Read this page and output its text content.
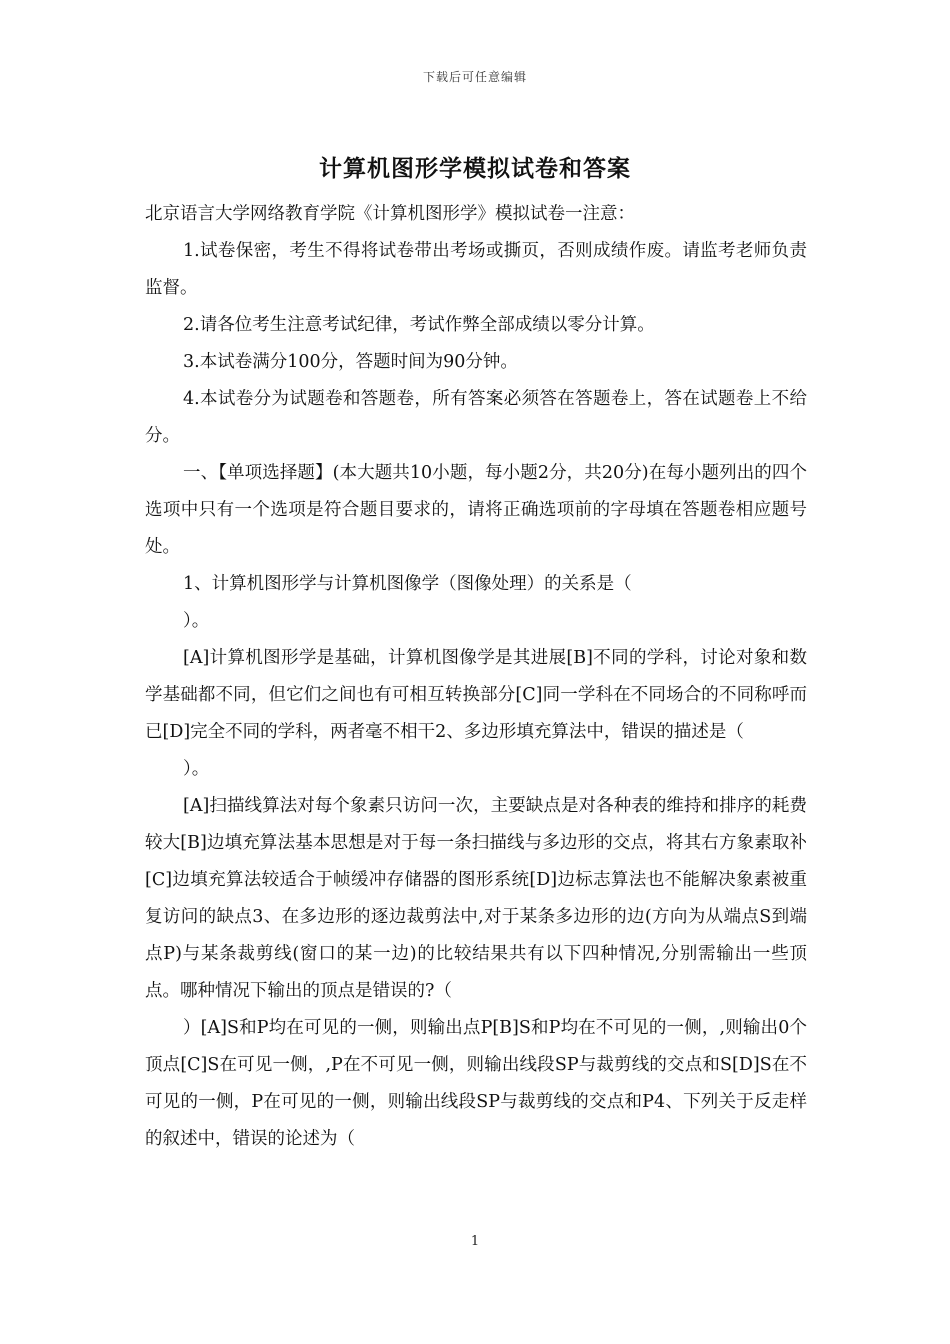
下载后可任意编辑
计算机图形学模拟试卷和答案

北京语言大学网络教育学院《计算机图形学》模拟试卷一注意：

1.试卷保密，考生不得将试卷带出考场或撕页，否则成绩作废。请监考老师负责监督。

2.请各位考生注意考试纪律，考试作弊全部成绩以零分计算。

3.本试卷满分100分，答题时间为90分钟。

4.本试卷分为试题卷和答题卷，所有答案必须答在答题卷上，答在试题卷上不给分。

一、【单项选择题】(本大题共10小题，每小题2分，共20分)在每小题列出的四个选项中只有一个选项是符合题目要求的，请将正确选项前的字母填在答题卷相应题号处。

1、计算机图形学与计算机图像学（图像处理）的关系是（

）。

[A]计算机图形学是基础，计算机图像学是其进展[B]不同的学科，讨论对象和数学基础都不同，但它们之间也有可相互转换部分[C]同一学科在不同场合的不同称呼而已[D]完全不同的学科，两者毫不相干2、多边形填充算法中，错误的描述是（

）。

[A]扫描线算法对每个象素只访问一次，主要缺点是对各种表的维持和排序的耗费较大[B]边填充算法基本思想是对于每一条扫描线与多边形的交点，将其右方象素取补[C]边填充算法较适合于帧缓冲存储器的图形系统[D]边标志算法也不能解决象素被重复访问的缺点3、在多边形的逐边裁剪法中,对于某条多边形的边(方向为从端点S到端点P)与某条裁剪线(窗口的某一边)的比较结果共有以下四种情况,分别需输出一些顶点。哪种情况下输出的顶点是错误的?（

）[A]S和P均在可见的一侧，则输出点P[B]S和P均在不可见的一侧，,则输出0个顶点[C]S在可见一侧，,P在不可见一侧，则输出线段SP与裁剪线的交点和S[D]S在不可见的一侧，P在可见的一侧，则输出线段SP与裁剪线的交点和P4、下列关于反走样的叙述中，错误的论述为（

1
